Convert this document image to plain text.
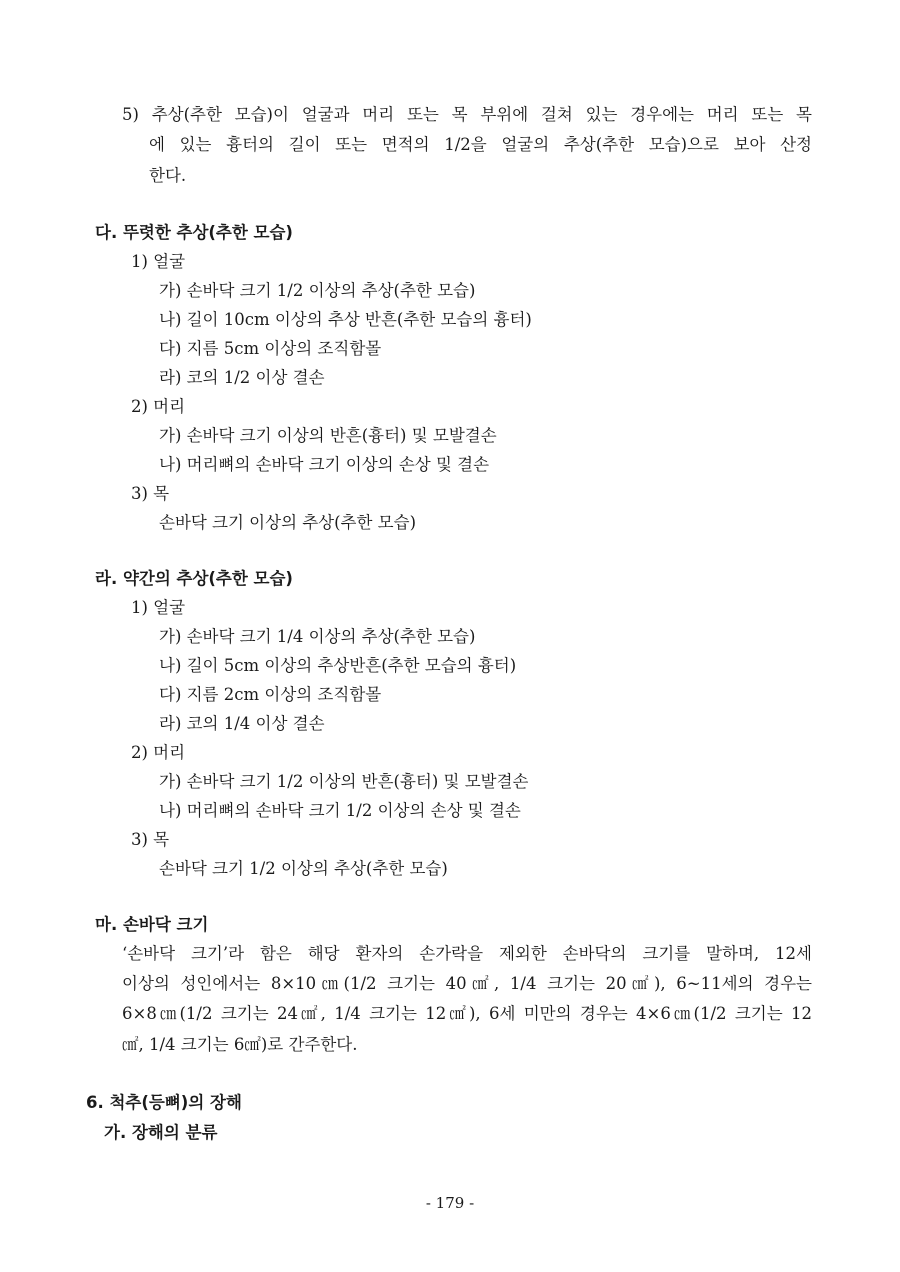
5) 추상(추한 모습)이 얼굴과 머리 또는 목 부위에 걸쳐 있는 경우에는 머리 또는 목
에 있는 흉터의 길이 또는 면적의 1/2을 얼굴의 추상(추한 모습)으로 보아 산정
한다.
다. 뚜렷한 추상(추한 모습)
1) 얼굴
가) 손바닥 크기 1/2 이상의 추상(추한 모습)
나) 길이 10cm 이상의 추상 반흔(추한 모습의 흉터)
다) 지름 5cm 이상의 조직함몰
라) 코의 1/2 이상 결손
2) 머리
가) 손바닥 크기 이상의 반흔(흉터) 및 모발결손
나) 머리뼈의 손바닥 크기 이상의 손상 및 결손
3) 목
손바닥 크기 이상의 추상(추한 모습)
라. 약간의 추상(추한 모습)
1) 얼굴
가) 손바닥 크기 1/4 이상의 추상(추한 모습)
나) 길이 5cm 이상의 추상반흔(추한 모습의 흉터)
다) 지름 2cm 이상의 조직함몰
라) 코의 1/4 이상 결손
2) 머리
가) 손바닥 크기 1/2 이상의 반흔(흉터) 및 모발결손
나) 머리뼈의 손바닥 크기 1/2 이상의 손상 및 결손
3) 목
손바닥 크기 1/2 이상의 추상(추한 모습)
마. 손바닥 크기
‘손바닥 크기’라 함은 해당 환자의 손가락을 제외한 손바닥의 크기를 말하며, 12세
이상의 성인에서는 8×10㎝(1/2 크기는 40㎠, 1/4 크기는 20㎠), 6~11세의 경우는
6×8㎝(1/2 크기는 24㎠, 1/4 크기는 12㎠), 6세 미만의 경우는 4×6㎝(1/2 크기는 12
㎠, 1/4 크기는 6㎠)로 간주한다.
6. 척추(등뼈)의 장해
가. 장해의 분류
- 179 -
